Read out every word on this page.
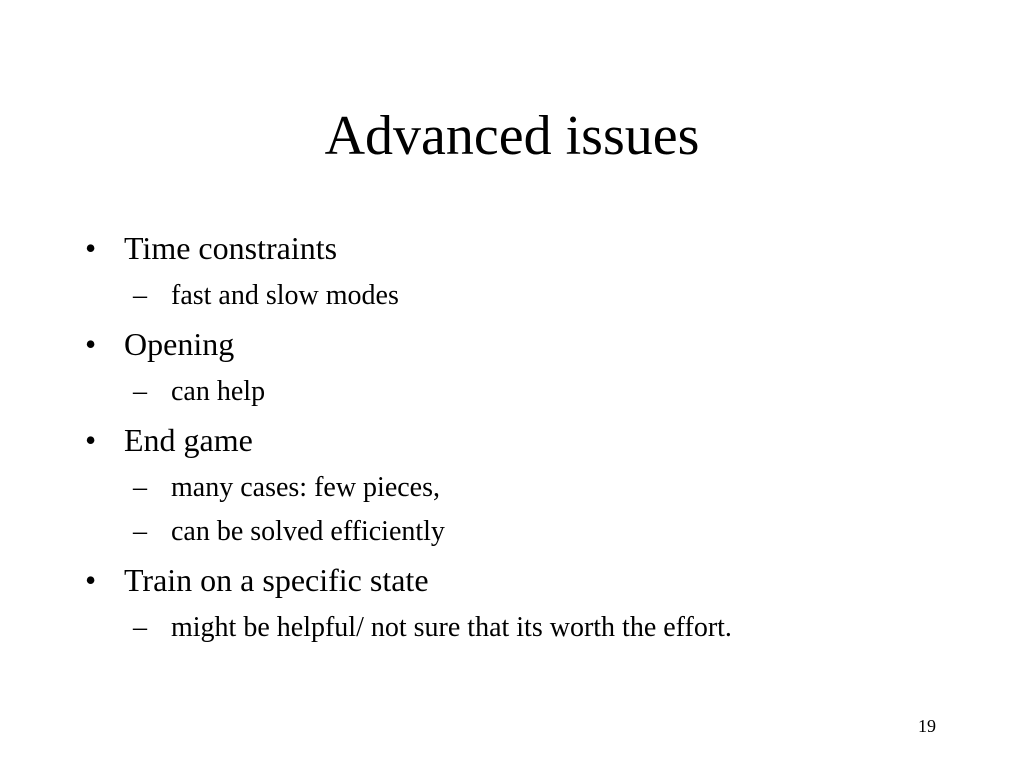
Advanced issues
• Time constraints
– fast and slow modes
• Opening
– can help
• End game
– many cases: few pieces,
– can be solved efficiently
• Train on a specific state
– might be helpful/ not sure that its worth the effort.
19
